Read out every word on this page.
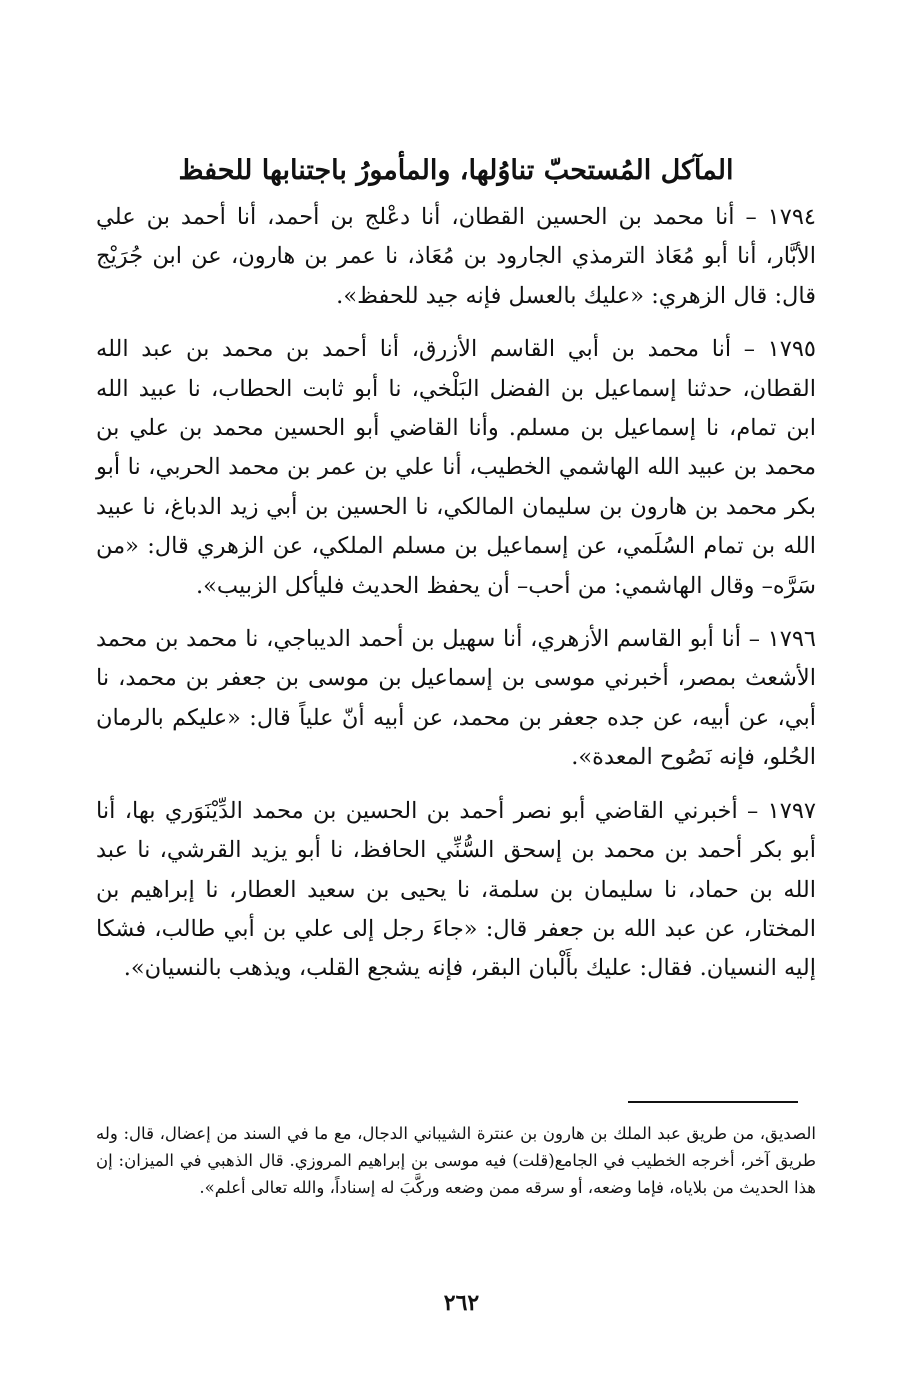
المآكل المُستحبّ تناوُلها، والمأمورُ باجتنابها للحفظ

١٧٩٤ – أنا محمد بن الحسين القطان، أنا دعْلج بن أحمد، أنا أحمد بن علي الأبَّار، أنا أبو مُعَاذ الترمذي الجارود بن مُعَاذ، نا عمر بن هارون، عن ابن جُرَيْج قال: قال الزهري: «عليك بالعسل فإنه جيد للحفظ».

١٧٩٥ – أنا محمد بن أبي القاسم الأزرق، أنا أحمد بن محمد بن عبد الله القطان، حدثنا إسماعيل بن الفضل البَلْخي، نا أبو ثابت الحطاب، نا عبيد الله ابن تمام، نا إسماعيل بن مسلم. وأنا القاضي أبو الحسين محمد بن علي بن محمد بن عبيد الله الهاشمي الخطيب، أنا علي بن عمر بن محمد الحربي، نا أبو بكر محمد بن هارون بن سليمان المالكي، نا الحسين بن أبي زيد الدباغ، نا عبيد الله بن تمام السُلَمي، عن إسماعيل بن مسلم الملكي، عن الزهري قال: «من سَرَّه– وقال الهاشمي: من أحب– أن يحفظ الحديث فليأكل الزبيب».

١٧٩٦ – أنا أبو القاسم الأزهري، أنا سهيل بن أحمد الديباجي، نا محمد بن محمد الأشعث بمصر، أخبرني موسى بن إسماعيل بن موسى بن جعفر بن محمد، نا أبي، عن أبيه، عن جده جعفر بن محمد، عن أبيه أنّ علياً قال: «عليكم بالرمان الحُلو، فإنه نَصُوح المعدة».

١٧٩٧ – أخبرني القاضي أبو نصر أحمد بن الحسين بن محمد الدِّيْنَوَري بها، أنا أبو بكر أحمد بن محمد بن إسحق السُّنِّي الحافظ، نا أبو يزيد القرشي، نا عبد الله بن حماد، نا سليمان بن سلمة، نا يحيى بن سعيد العطار، نا إبراهيم بن المختار، عن عبد الله بن جعفر قال: «جاءَ رجل إلى علي بن أبي طالب، فشكا إليه النسيان. فقال: عليك بأَلْبان البقر، فإنه يشجع القلب، ويذهب بالنسيان».

الصديق، من طريق عبد الملك بن هارون بن عنترة الشيباني الدجال، مع ما في السند من إعضال، قال: وله طريق آخر، أخرجه الخطيب في الجامع(قلت) فيه موسى بن إبراهيم المروزي. قال الذهبي في الميزان: إن هذا الحديث من بلاياه، فإما وضعه، أو سرقه ممن وضعه وركَّبَ له إسناداً، والله تعالى أعلم».
٢٦٢
